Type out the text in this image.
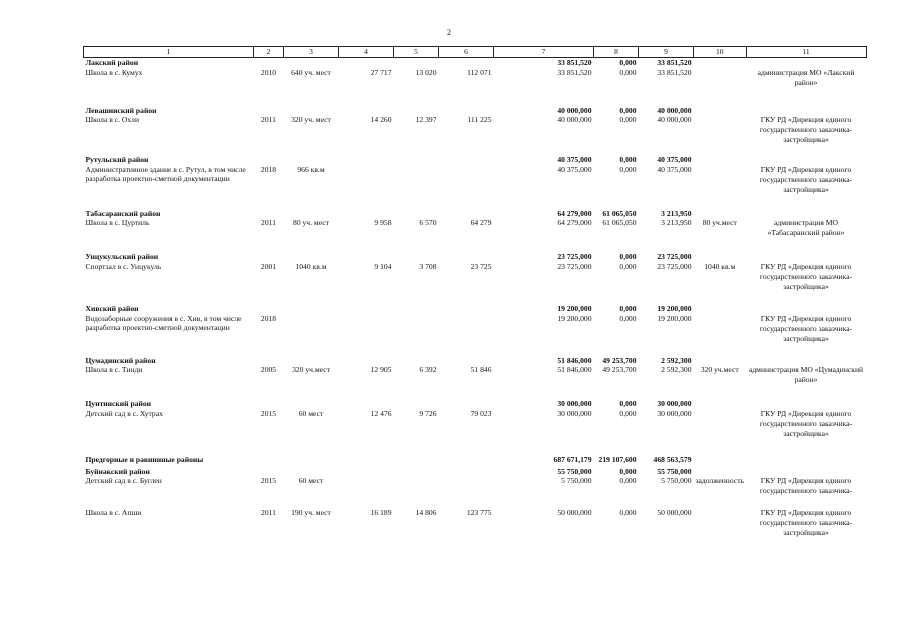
2
1	2	3	4	5	6	7	8	9	10	11
Лакский район						33 851,520	0,000	33 851,520		
Школа в с. Кумух	2010	640 уч. мест	27 717	13 020	112 071	33 851,520	0,000	33 851,520		администрация МО «Лакский район»
Левашинский район						40 000,000	0,000	40 000,000		
Школа в с. Охли	2011	320 уч. мест	14 260	12 397	111 225	40 000,000	0,000	40 000,000		ГКУ РД «Дирекция единого государственного заказчика-застройщика»
Рутульский район						40 375,000	0,000	40 375,000		
Административное здание в с. Рутул, в том числе разработка проектно-сметной документации	2018	966 кв.м				40 375,000	0,000	40 375,000		ГКУ РД «Дирекция единого государственного заказчика-застройщика»
Табасаранский район						64 279,000	61 065,050	3 213,950		
Школа в с. Цуртиль	2011	80 уч. мест	9 958	6 570	64 279	64 279,000	61 065,050	3 213,950	80 уч.мест	администрация МО «Табасаранский район»
Унцукульский район						23 725,000	0,000	23 725,000		
Спортзал в с. Унцукуль	2001	1040 кв.м	9 104	3 708	23 725	23 725,000	0,000	23 725,000	1040 кв.м	ГКУ РД «Дирекция единого государственного заказчика-застройщика»
Хивский район						19 200,000	0,000	19 200,000		
Водозаборные сооружения в с. Хив, в том числе разработка проектно-сметной документации	2018					19 200,000	0,000	19 200,000		ГКУ РД «Дирекция единого государственного заказчика-застройщика»
Цумадинский район						51 846,000	49 253,700	2 592,300		
Школа в с. Тинди	2005	320 уч.мест	12 905	6 392	51 846	51 846,000	49 253,700	2 592,300	320 уч.мест	администрация МО «Цумадинский район»
Цунтинский район						30 000,000	0,000	30 000,000		
Детский сад в с. Хутрах	2015	60 мест	12 476	9 726	79 023	30 000,000	0,000	30 000,000		ГКУ РД «Дирекция единого государственного заказчика-застройщика»
Предгорные и равнинные районы						687 671,179	219 107,600	468 563,579		
Буйнакский район						55 750,000	0,000	55 750,000		
Детский сад в с. Буглен	2015	60 мест				5 750,000	0,000	5 750,000	задолженность	ГКУ РД «Дирекция единого государственного заказчика-
Школа в с. Апши	2011	190 уч. мест	16 189	14 806	123 775	50 000,000	0,000	50 000,000		ГКУ РД «Дирекция единого государственного заказчика-застройщика»
